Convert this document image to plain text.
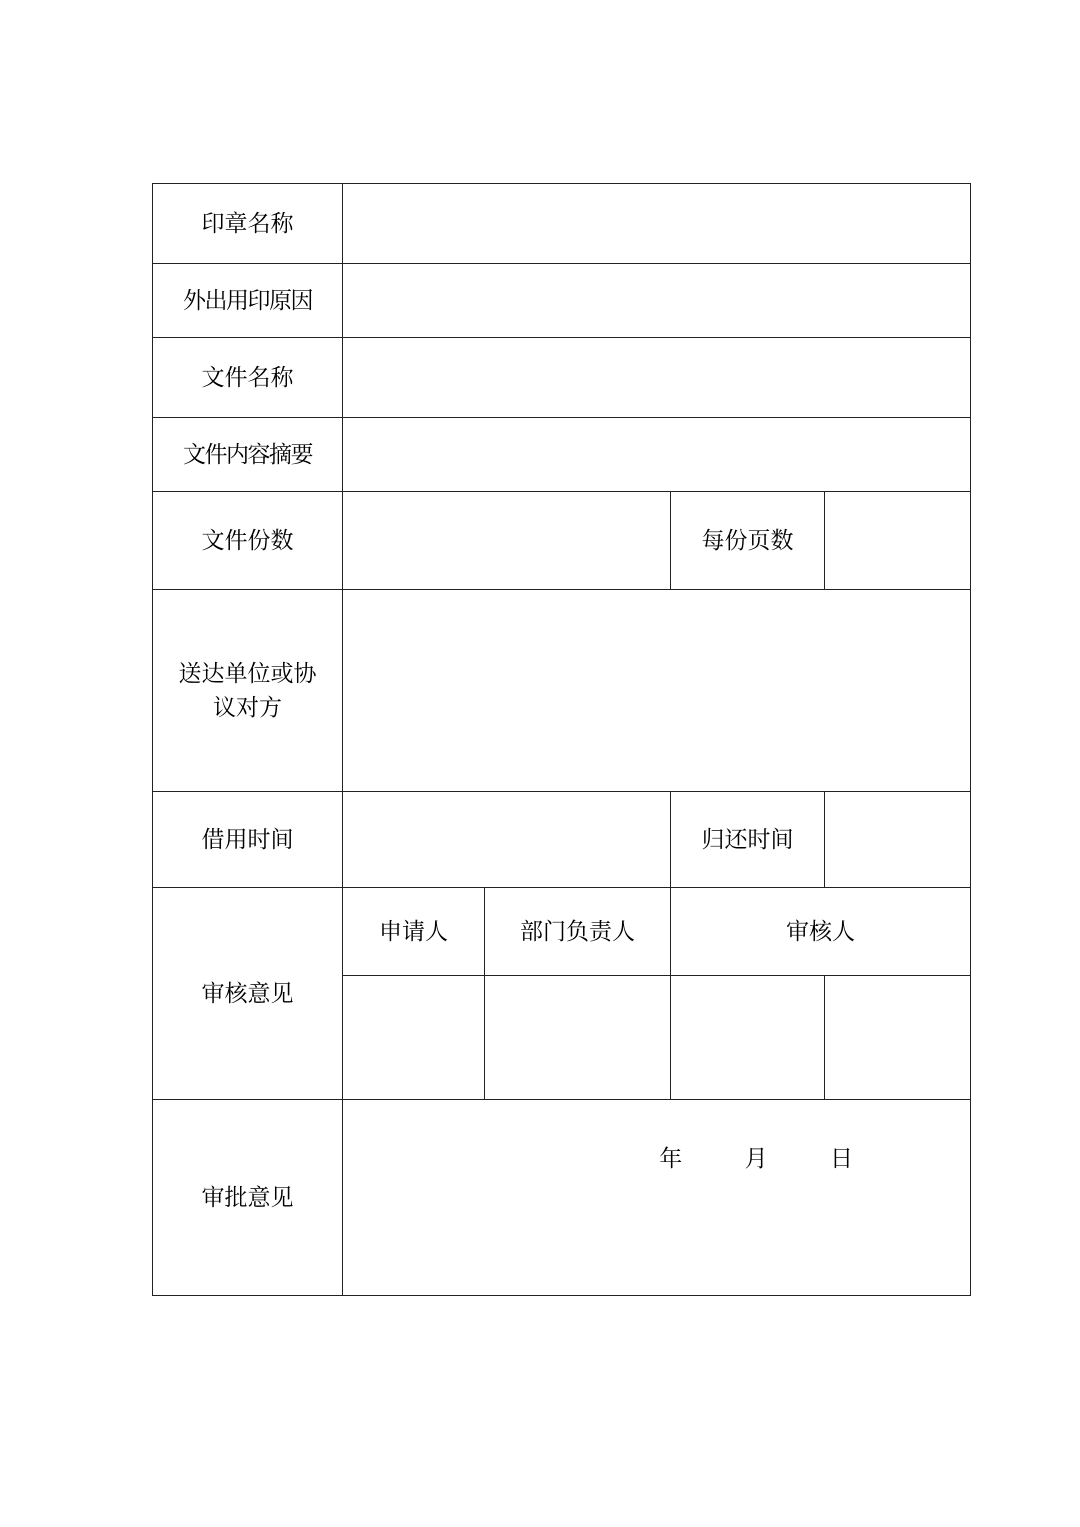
印章名称				
外出用印原因				
文件名称				
文件内容摘要				
文件份数			每份页数	

送达单位或协
议对方				

借用时间			归还时间	
审核意见	申请人	部门负责人	审核人	

审批意见	年 月 日			
